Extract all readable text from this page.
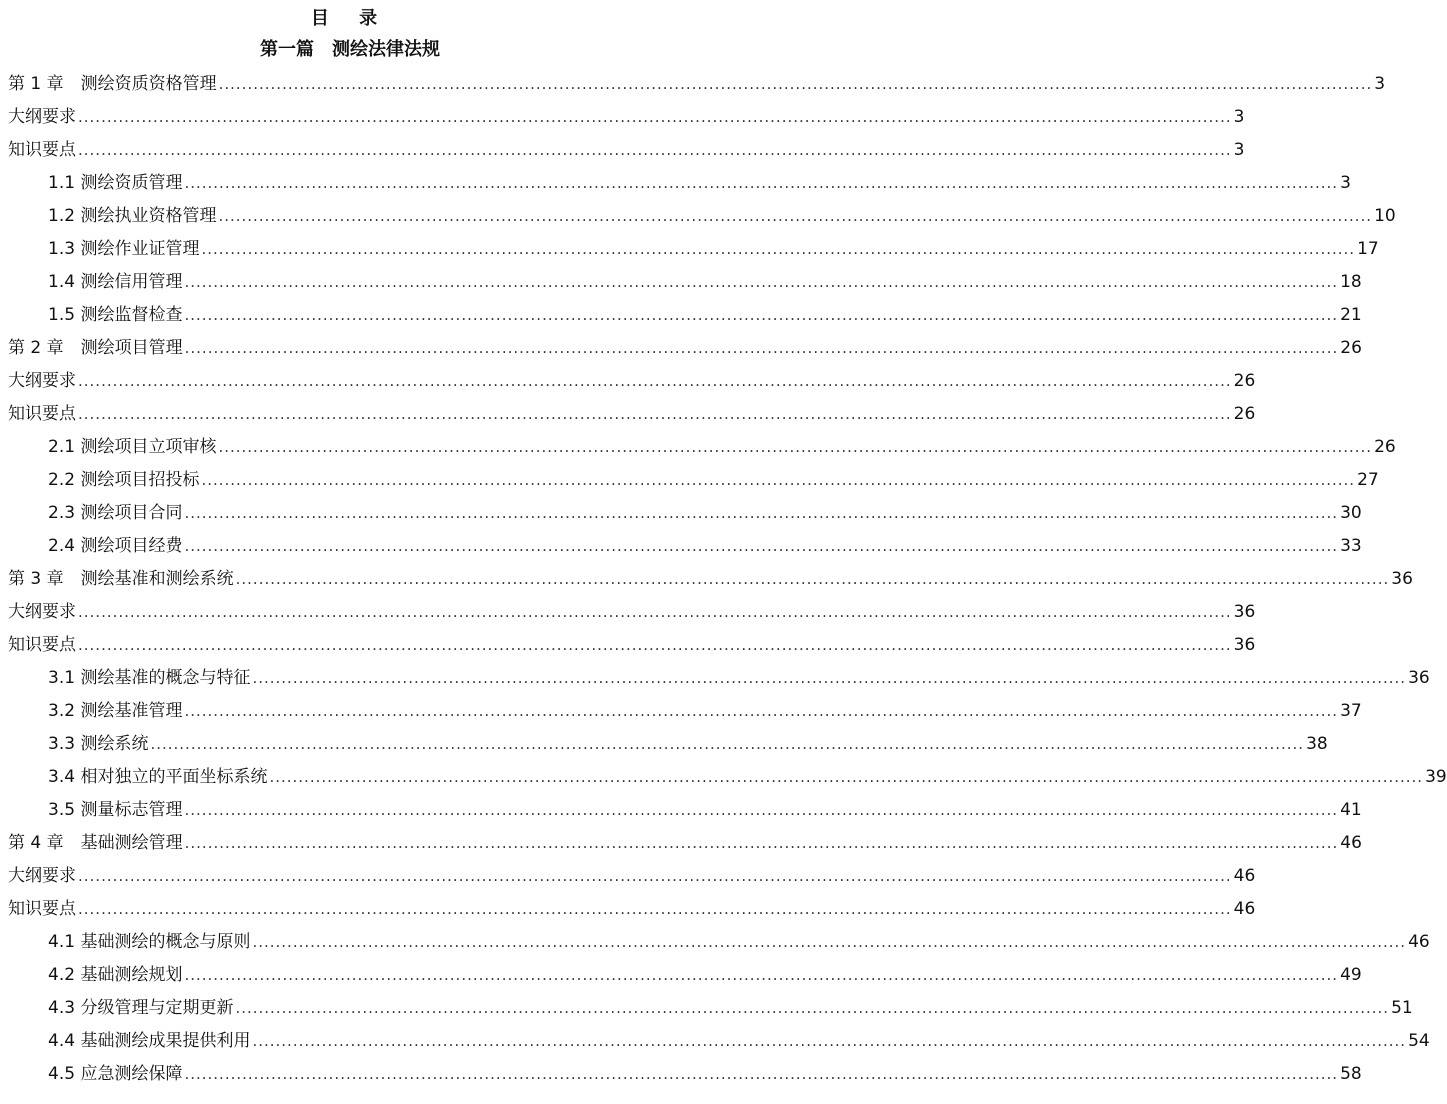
目 录
第一篇　测绘法律法规
第 1 章　测绘资质资格管理 ........................................................................................................................................................................................................ 3
大纲要求 ........................................................................................................................................................................................................ 3
知识要点 ........................................................................................................................................................................................................ 3
1.1 测绘资质管理 ........................................................................................................................................................................................................ 3
1.2 测绘执业资格管理 ........................................................................................................................................................................................................ 10
1.3 测绘作业证管理 ........................................................................................................................................................................................................ 17
1.4 测绘信用管理 ........................................................................................................................................................................................................ 18
1.5 测绘监督检查 ........................................................................................................................................................................................................ 21
第 2 章　测绘项目管理 ........................................................................................................................................................................................................ 26
大纲要求 ........................................................................................................................................................................................................ 26
知识要点 ........................................................................................................................................................................................................ 26
2.1 测绘项目立项审核 ........................................................................................................................................................................................................ 26
2.2 测绘项目招投标 ........................................................................................................................................................................................................ 27
2.3 测绘项目合同 ........................................................................................................................................................................................................ 30
2.4 测绘项目经费 ........................................................................................................................................................................................................ 33
第 3 章　测绘基准和测绘系统 ........................................................................................................................................................................................................ 36
大纲要求 ........................................................................................................................................................................................................ 36
知识要点 ........................................................................................................................................................................................................ 36
3.1 测绘基准的概念与特征 ........................................................................................................................................................................................................ 36
3.2 测绘基准管理 ........................................................................................................................................................................................................ 37
3.3 测绘系统 ........................................................................................................................................................................................................ 38
3.4 相对独立的平面坐标系统 ........................................................................................................................................................................................................ 39
3.5 测量标志管理 ........................................................................................................................................................................................................ 41
第 4 章　基础测绘管理 ........................................................................................................................................................................................................ 46
大纲要求 ........................................................................................................................................................................................................ 46
知识要点 ........................................................................................................................................................................................................ 46
4.1 基础测绘的概念与原则 ........................................................................................................................................................................................................ 46
4.2 基础测绘规划 ........................................................................................................................................................................................................ 49
4.3 分级管理与定期更新 ........................................................................................................................................................................................................ 51
4.4 基础测绘成果提供利用 ........................................................................................................................................................................................................ 54
4.5 应急测绘保障 ........................................................................................................................................................................................................ 58
